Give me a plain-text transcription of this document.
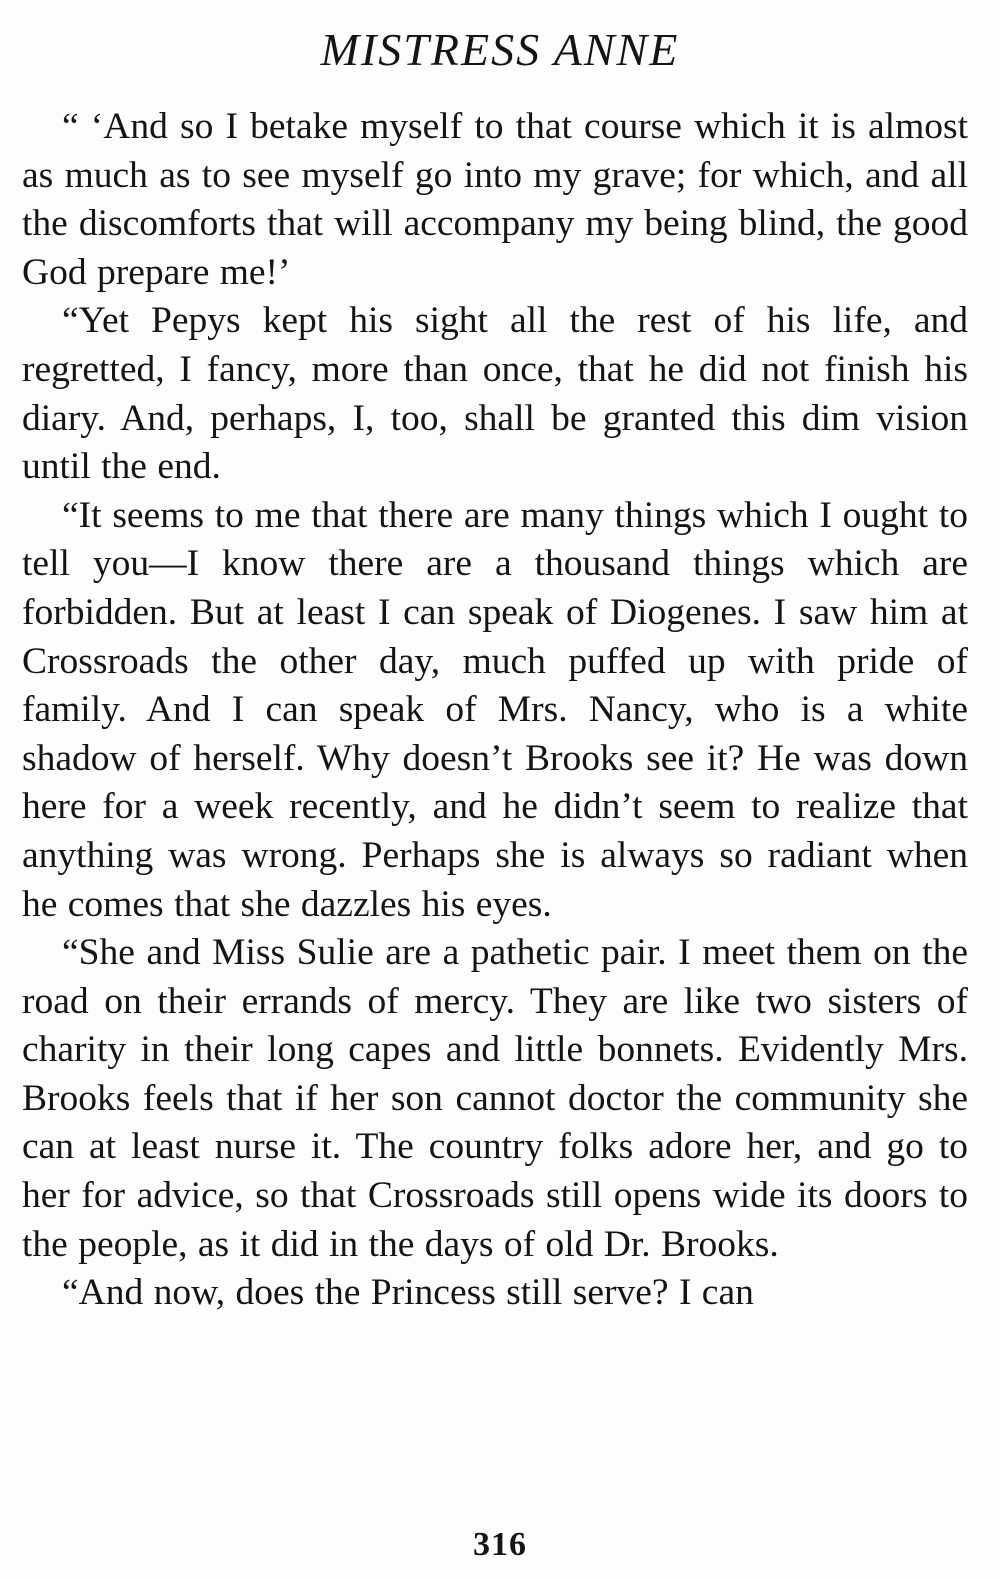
MISTRESS ANNE

“ ‘And so I betake myself to that course which it is almost as much as to see myself go into my grave; for which, and all the discomforts that will accompany my being blind, the good God prepare me!’

“Yet Pepys kept his sight all the rest of his life, and regretted, I fancy, more than once, that he did not finish his diary. And, perhaps, I, too, shall be granted this dim vision until the end.

“It seems to me that there are many things which I ought to tell you—I know there are a thousand things which are forbidden. But at least I can speak of Diogenes. I saw him at Crossroads the other day, much puffed up with pride of family. And I can speak of Mrs. Nancy, who is a white shadow of herself. Why doesn’t Brooks see it? He was down here for a week recently, and he didn’t seem to realize that anything was wrong. Perhaps she is always so radiant when he comes that she dazzles his eyes.

“She and Miss Sulie are a pathetic pair. I meet them on the road on their errands of mercy. They are like two sisters of charity in their long capes and little bonnets. Evidently Mrs. Brooks feels that if her son cannot doctor the community she can at least nurse it. The country folks adore her, and go to her for advice, so that Crossroads still opens wide its doors to the people, as it did in the days of old Dr. Brooks.

“And now, does the Princess still serve? I can

316
